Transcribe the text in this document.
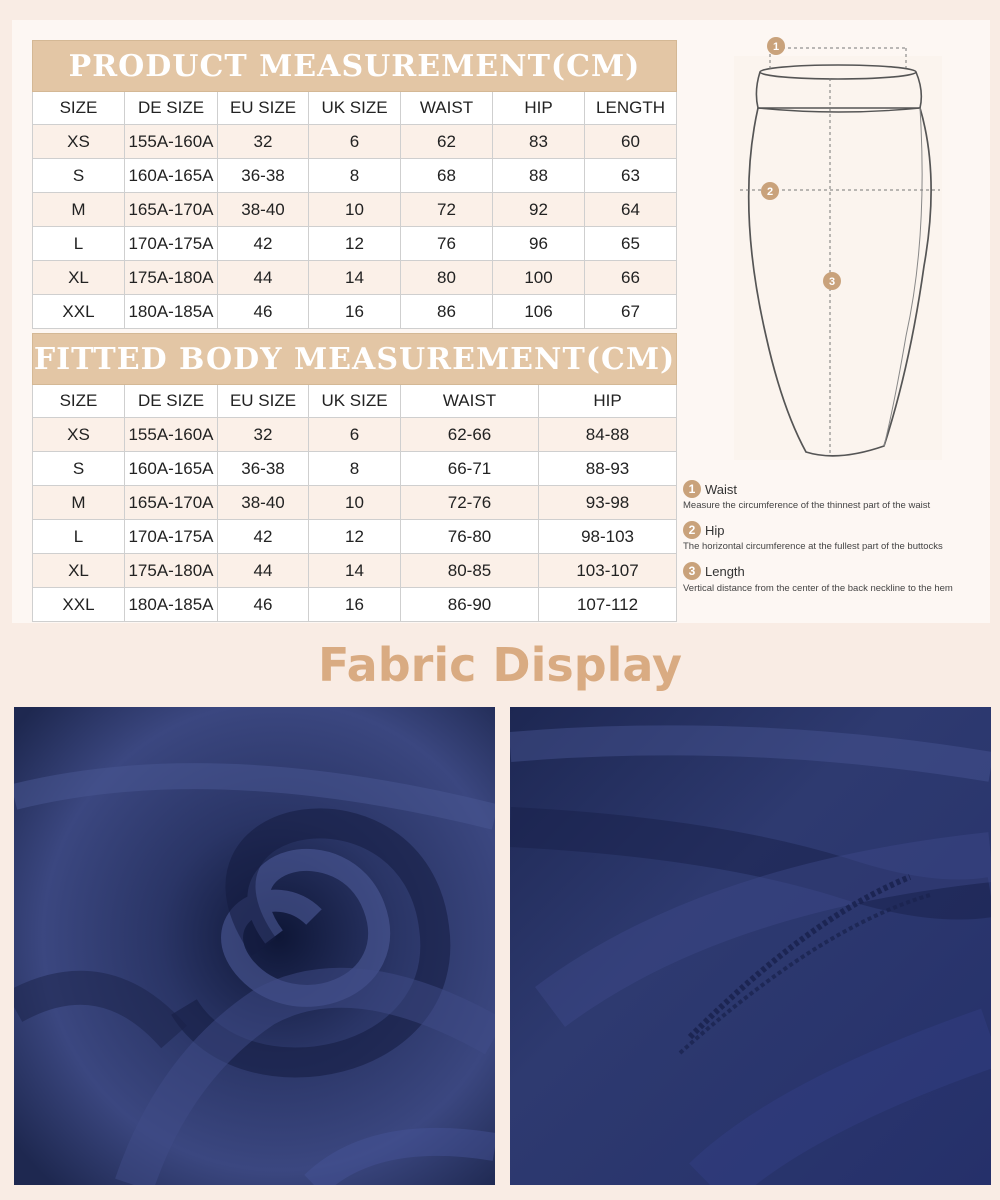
PRODUCT MEASUREMENT(CM)						
SIZE	DE SIZE	EU SIZE	UK SIZE	WAIST	HIP	LENGTH
XS	155A-160A	32	6	62	83	60
S	160A-165A	36-38	8	68	88	63
M	165A-170A	38-40	10	72	92	64
L	170A-175A	42	12	76	96	65
XL	175A-180A	44	14	80	100	66
XXL	180A-185A	46	16	86	106	67
FITTED BODY MEASUREMENT(CM)					
SIZE	DE SIZE	EU SIZE	UK SIZE	WAIST	HIP
XS	155A-160A	32	6	62-66	84-88
S	160A-165A	36-38	8	66-71	88-93
M	165A-170A	38-40	10	72-76	93-98
L	170A-175A	42	12	76-80	98-103
XL	175A-180A	44	14	80-85	103-107
XXL	180A-185A	46	16	86-90	107-112
1
2
3
1 Waist
Measure the circumference of the thinnest part of the waist
2 Hip
The horizontal circumference at the fullest part of the buttocks
3 Length
Vertical distance from the center of the back neckline to the hem
Fabric Display
